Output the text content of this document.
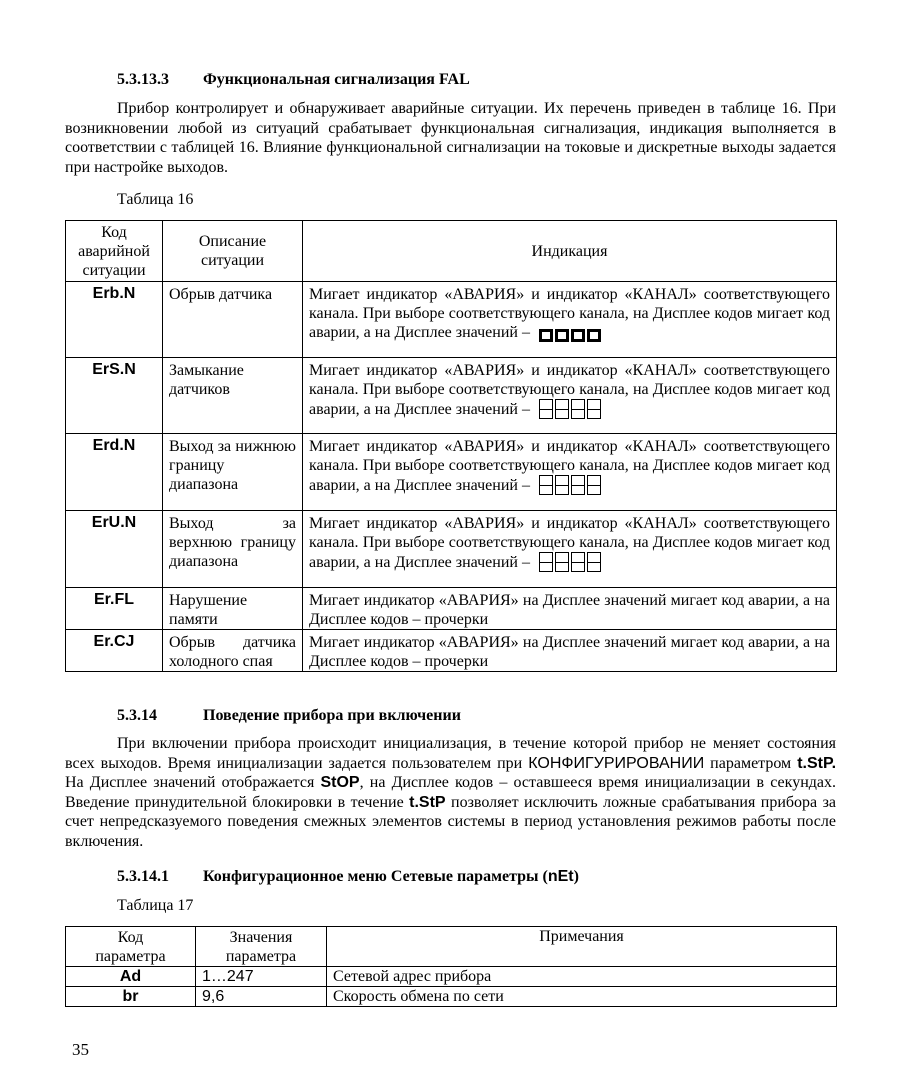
5.3.13.3 Функциональная сигнализация FAL
Прибор контролирует и обнаруживает аварийные ситуации. Их перечень приведен в таблице 16. При возникновении любой из ситуаций срабатывает функциональная сигнализация, индикация выполняется в соответствии с таблицей 16. Влияние функциональной сигнализации на токовые и дискретные выходы задается при настройке выходов.
Таблица 16
Код аварийной ситуации	Описание ситуации	Индикация
Erb.N	Обрыв датчика	Мигает индикатор «АВАРИЯ» и индикатор «КАНАЛ» соответствующего канала. При выборе соответствующего канала, на Дисплее кодов мигает код аварии, а на Дисплее значений –

ErS.N	Замыкание датчиков	Мигает индикатор «АВАРИЯ» и индикатор «КАНАЛ» соответствующего канала. При выборе соответствующего канала, на Дисплее кодов мигает код аварии, а на Дисплее значений –

Erd.N	Выход за нижнюю границу диапазона	Мигает индикатор «АВАРИЯ» и индикатор «КАНАЛ» соответствующего канала. При выборе соответствующего канала, на Дисплее кодов мигает код аварии, а на Дисплее значений –

ErU.N	Выход за верхнюю границу диапазона	Мигает индикатор «АВАРИЯ» и индикатор «КАНАЛ» соответствующего канала. При выборе соответствующего канала, на Дисплее кодов мигает код аварии, а на Дисплее значений –

Er.FL	Нарушение памяти	Мигает индикатор «АВАРИЯ» на Дисплее значений мигает код аварии, а на Дисплее кодов – прочерки
Er.CJ	Обрыв датчика холодного спая	Мигает индикатор «АВАРИЯ» на Дисплее значений мигает код аварии, а на Дисплее кодов – прочерки
5.3.14	Поведение прибора при включении
При включении прибора происходит инициализация, в течение которой прибор не меняет состояния всех выходов. Время инициализации задается пользователем при КОНФИГУРИРОВАНИИ параметром t.StP. На Дисплее значений отображается StOP, на Дисплее кодов – оставшееся время инициализации в секундах. Введение принудительной блокировки в течение t.StP позволяет исключить ложные срабатывания прибора за счет непредсказуемого поведения смежных элементов системы в период установления режимов работы после включения.
5.3.14.1 Конфигурационное меню Сетевые параметры (nEt)
Таблица 17
Код параметра	Значения параметра	Примечания
Ad	1…247	Сетевой адрес прибора
br	9,6	Скорость обмена по сети
35
